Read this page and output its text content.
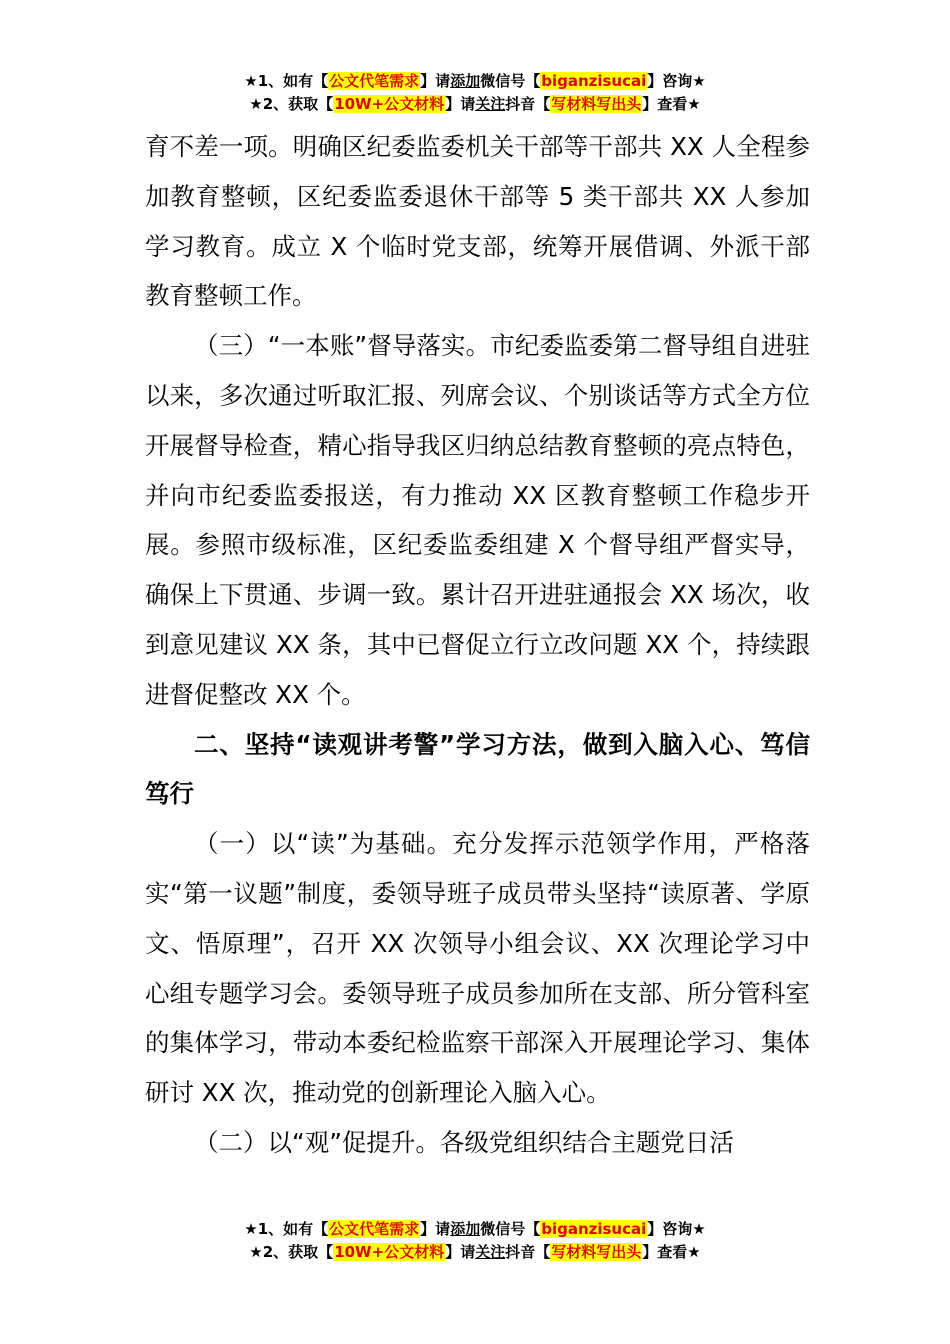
★1、如有【公文代笔需求】请添加微信号【biganzisucai】咨询★
★2、获取【10W+公文材料】请关注抖音【写材料写出头】查看★

育不差一项。明确区纪委监委机关干部等干部共 XX 人全程参加教育整顿，区纪委监委退休干部等 5 类干部共 XX 人参加学习教育。成立 X 个临时党支部，统筹开展借调、外派干部教育整顿工作。

（三）“一本账”督导落实。市纪委监委第二督导组自进驻以来，多次通过听取汇报、列席会议、个别谈话等方式全方位开展督导检查，精心指导我区归纳总结教育整顿的亮点特色，并向市纪委监委报送，有力推动 XX 区教育整顿工作稳步开展。参照市级标准，区纪委监委组建 X 个督导组严督实导，确保上下贯通、步调一致。累计召开进驻通报会 XX 场次，收到意见建议 XX 条，其中已督促立行立改问题 XX 个，持续跟进督促整改 XX 个。

二、坚持“读观讲考警”学习方法，做到入脑入心、笃信笃行

（一）以“读”为基础。充分发挥示范领学作用，严格落实“第一议题”制度，委领导班子成员带头坚持“读原著、学原文、悟原理”，召开 XX 次领导小组会议、XX 次理论学习中心组专题学习会。委领导班子成员参加所在支部、所分管科室的集体学习，带动本委纪检监察干部深入开展理论学习、集体研讨 XX 次，推动党的创新理论入脑入心。

（二）以“观”促提升。各级党组织结合主题党日活

★1、如有【公文代笔需求】请添加微信号【biganzisucai】咨询★
★2、获取【10W+公文材料】请关注抖音【写材料写出头】查看★
